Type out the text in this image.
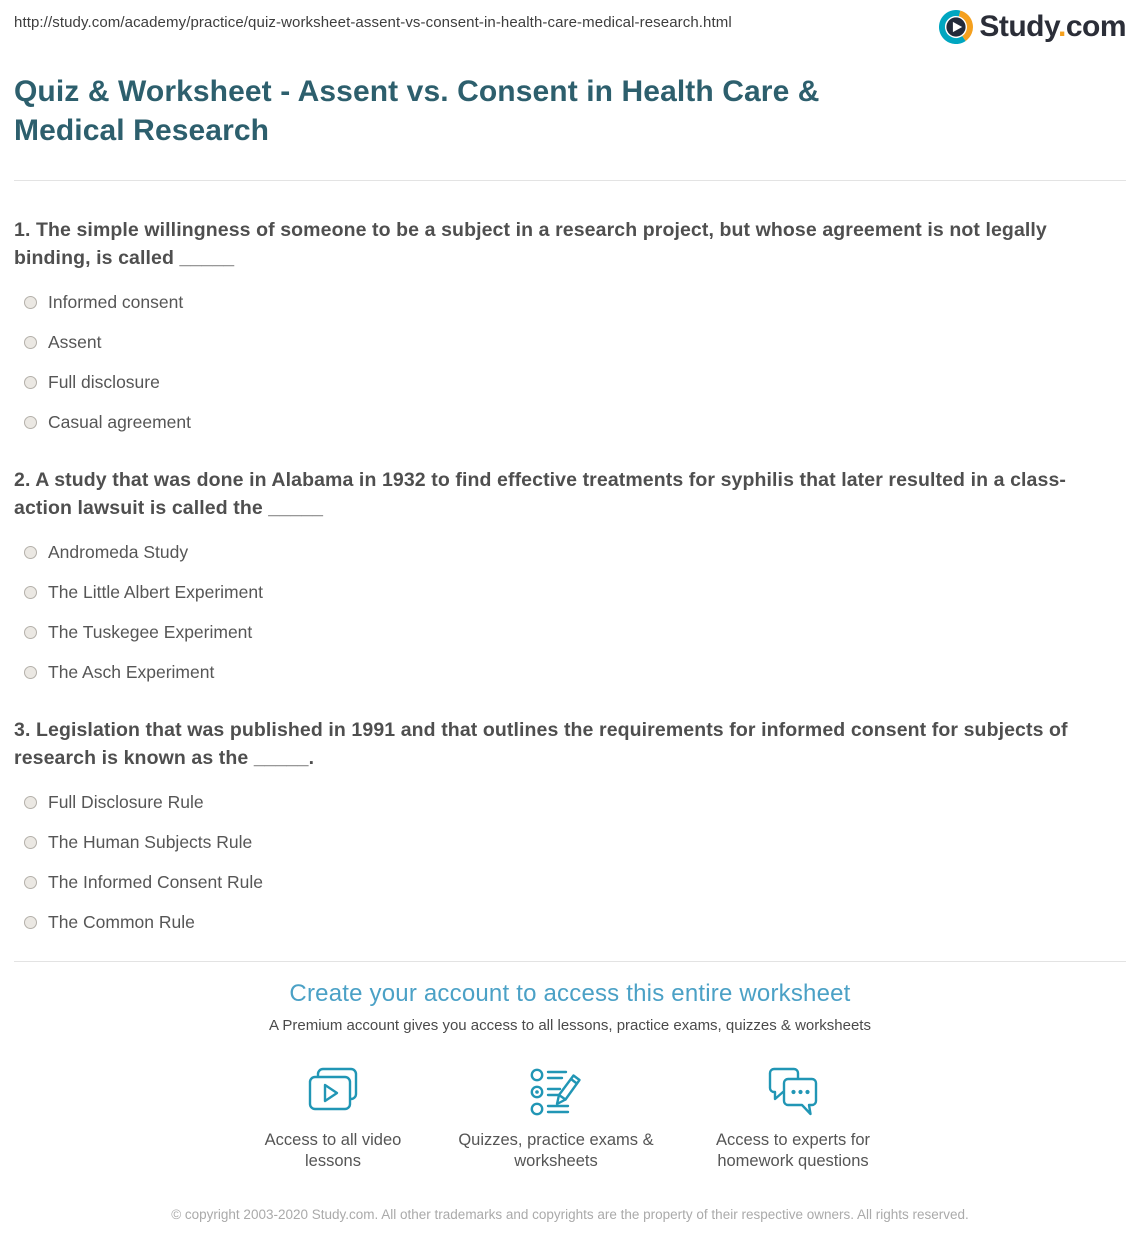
http://study.com/academy/practice/quiz-worksheet-assent-vs-consent-in-health-care-medical-research.html	Study.com
Quiz & Worksheet - Assent vs. Consent in Health Care & Medical Research
1. The simple willingness of someone to be a subject in a research project, but whose agreement is not legally binding, is called _____
Informed consent
Assent
Full disclosure
Casual agreement
2. A study that was done in Alabama in 1932 to find effective treatments for syphilis that later resulted in a class-action lawsuit is called the _____
Andromeda Study
The Little Albert Experiment
The Tuskegee Experiment
The Asch Experiment
3. Legislation that was published in 1991 and that outlines the requirements for informed consent for subjects of research is known as the _____.
Full Disclosure Rule
The Human Subjects Rule
The Informed Consent Rule
The Common Rule
Create your account to access this entire worksheet
A Premium account gives you access to all lessons, practice exams, quizzes & worksheets
Access to all video lessons
Quizzes, practice exams & worksheets
Access to experts for homework questions
© copyright 2003-2020 Study.com. All other trademarks and copyrights are the property of their respective owners. All rights reserved.
